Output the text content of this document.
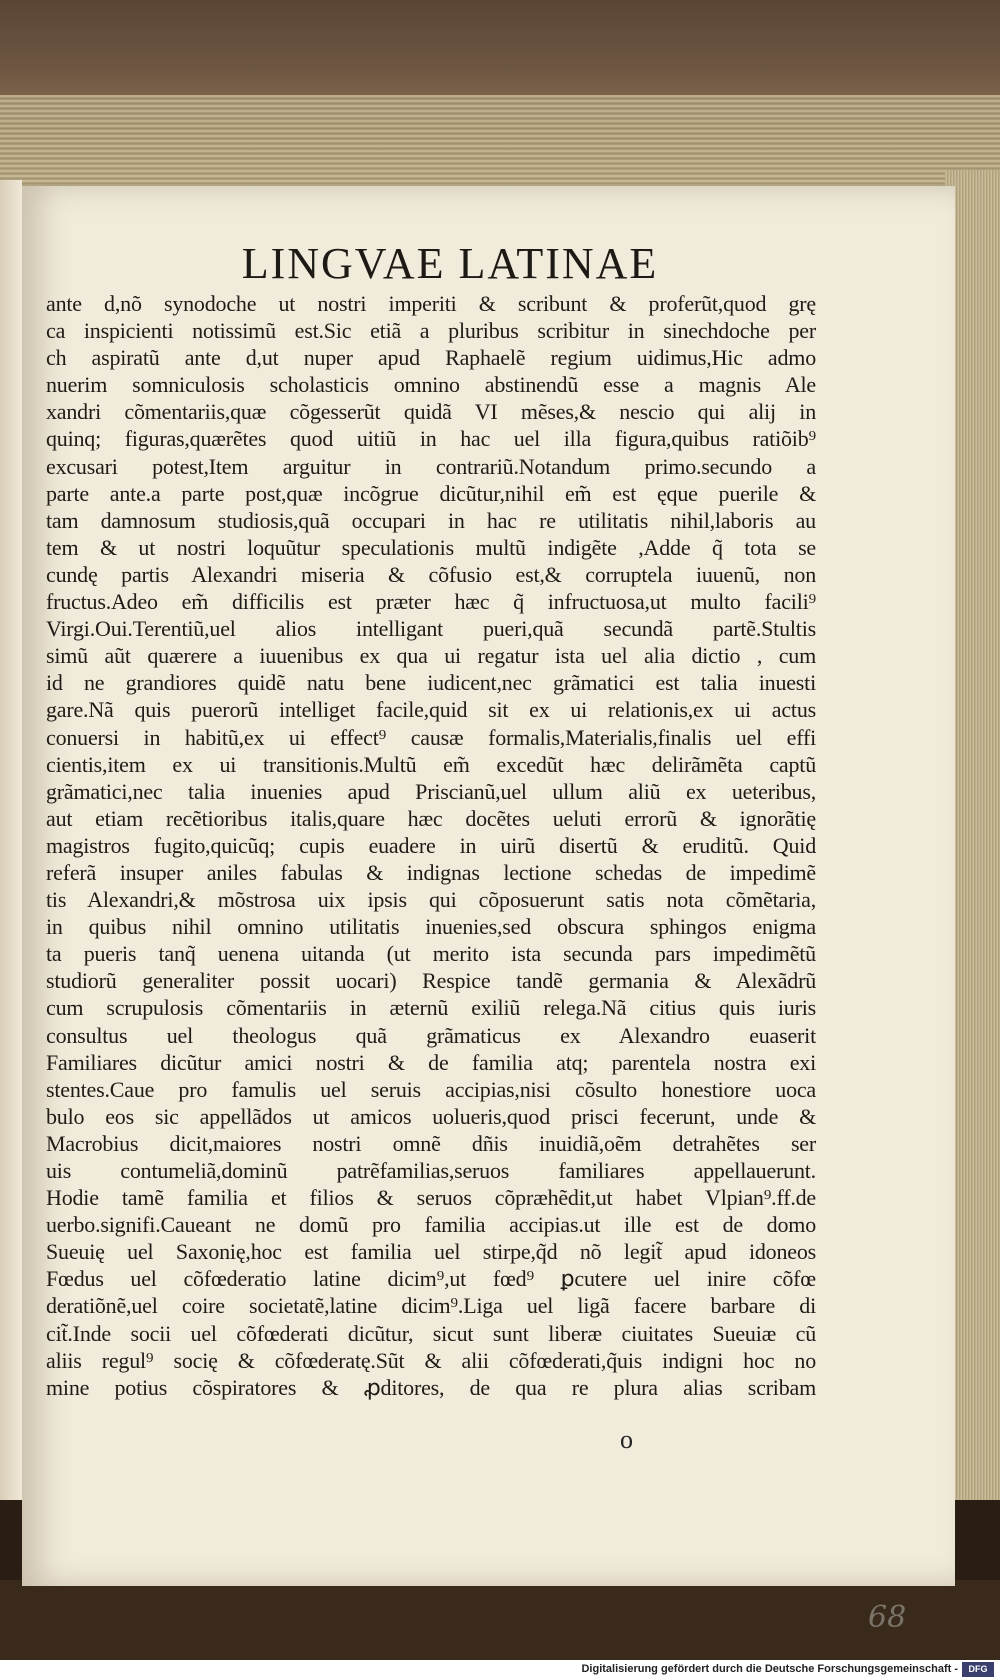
LINGVAE LATINAE
ante d,nõ synodoche ut nostri imperiti & scribunt & proferũt,quod grę
ca inspicienti notissimũ est.Sic etiã a pluribus scribitur in sinechdoche per
ch aspiratũ ante d,ut nuper apud Raphaelẽ regium uidimus,Hic admo
nuerim somniculosis scholasticis omnino abstinendũ esse a magnis Ale
xandri cõmentariis,quæ cõgesserũt quidã VI mẽses,& nescio qui alij in
quinq; figuras,quærẽtes quod uitiũ in hac uel illa figura,quibus ratiõib⁹
excusari potest,Item arguitur in contrariũ.Notandum primo.secundo a
parte ante.a parte post,quæ incõgrue dicũtur,nihil em̃ est ęque puerile &
tam damnosum studiosis,quã occupari in hac re utilitatis nihil,laboris au
tem & ut nostri loquũtur speculationis multũ indigẽte ,Adde q̃ tota se
cundę partis Alexandri miseria & cõfusio est,& corruptela iuuenũ, non
fructus.Adeo em̃ difficilis est præter hæc q̃ infructuosa,ut multo facili⁹
Virgi.Oui.Terentiũ,uel alios intelligant pueri,quã secundã partẽ.Stultis
simũ aũt quærere a iuuenibus ex qua ui regatur ista uel alia dictio , cum
id ne grandiores quidẽ natu bene iudicent,nec grãmatici est talia inuesti
gare.Nã quis puerorũ intelliget facile,quid sit ex ui relationis,ex ui actus
conuersi in habitũ,ex ui effect⁹ causæ formalis,Materialis,finalis uel effi
cientis,item ex ui transitionis.Multũ em̃ excedũt hæc delirãmẽta captũ
grãmatici,nec talia inuenies apud Priscianũ,uel ullum aliũ ex ueteribus,
aut etiam recẽtioribus italis,quare hæc docẽtes ueluti errorũ & ignorãtię
magistros fugito,quicũq; cupis euadere in uirũ disertũ & eruditũ. Quid
referã insuper aniles fabulas & indignas lectione schedas de impedimẽ
tis Alexandri,& mõstrosa uix ipsis qui cõposuerunt satis nota cõmẽtaria,
in quibus nihil omnino utilitatis inuenies,sed obscura sphingos enigma
ta pueris tanq̃ uenena uitanda (ut merito ista secunda pars impedimẽtũ
studiorũ generaliter possit uocari) Respice tandẽ germania & Alexãdrũ
cum scrupulosis cõmentariis in æternũ exiliũ relega.Nã citius quis iuris
consultus uel theologus quã grãmaticus ex Alexandro euaserit
Familiares dicũtur amici nostri & de familia atq; parentela nostra exi
stentes.Caue pro famulis uel seruis accipias,nisi cõsulto honestiore uoca
bulo eos sic appellãdos ut amicos uolueris,quod prisci fecerunt, unde &
Macrobius dicit,maiores nostri omnẽ dñis inuidiã,oẽm detrahẽtes ser
uis contumeliã,dominũ patrẽfamilias,seruos familiares appellauerunt.
Hodie tamẽ familia et filios & seruos cõpræhẽdit,ut habet Vlpian⁹.ff.de
uerbo.signifi.Caueant ne domũ pro familia accipias.ut ille est de domo
Sueuię uel Saxonię,hoc est familia uel stirpe,q̃d nõ legit̃ apud idoneos
Fœdus uel cõfœderatio latine dicim⁹,ut fœd⁹ ꝑcutere uel inire cõfœ
deratiõnẽ,uel coire societatẽ,latine dicim⁹.Liga uel ligã facere barbare di
cit̃.Inde socii uel cõfœderati dicũtur, sicut sunt liberæ ciuitates Sueuiæ cũ
aliis regul⁹ socię & cõfœderatę.Sũt & alii cõfœderati,q̃uis indigni hoc no
mine potius cõspiratores & ꝓditores, de qua re plura alias scribam
o
68
Digitalisierung gefördert durch die Deutsche Forschungsgemeinschaft -	DFG
